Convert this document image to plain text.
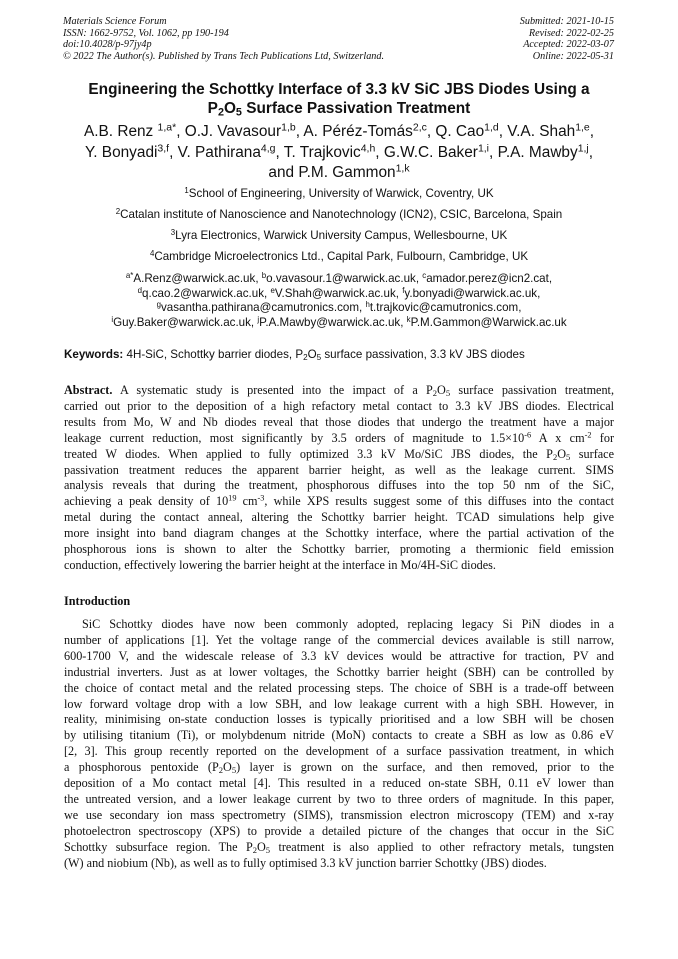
Materials Science Forum
ISSN: 1662-9752, Vol. 1062, pp 190-194
doi:10.4028/p-97jy4p
© 2022 The Author(s). Published by Trans Tech Publications Ltd, Switzerland.
Submitted: 2021-10-15
Revised: 2022-02-25
Accepted: 2022-03-07
Online: 2022-05-31
Engineering the Schottky Interface of 3.3 kV SiC JBS Diodes Using a
$P_2O_5$ Surface Passivation Treatment
A.B. Renz $^{1,a*}$, O.J. Vavasour$^{1,b}$, A. Péréz-Tomás$^{2,c}$, Q. Cao$^{1,d}$, V.A. Shah$^{1,e}$,
Y. Bonyadi$^{3,f}$, V. Pathirana$^{4,g}$, T. Trajkovic$^{4,h}$, G.W.C. Baker$^{1,i}$, P.A. Mawby$^{1,j}$,
and P.M. Gammon$^{1,k}$
$^1$School of Engineering, University of Warwick, Coventry, UK
$^2$Catalan institute of Nanoscience and Nanotechnology (ICN2), CSIC, Barcelona, Spain
$^3$Lyra Electronics, Warwick University Campus, Wellesbourne, UK
$^4$Cambridge Microelectronics Ltd., Capital Park, Fulbourn, Cambridge, UK
$^{a*}$A.Renz@warwick.ac.uk, $^b$o.vavasour.1@warwick.ac.uk, $^c$amador.perez@icn2.cat,
$^d$q.cao.2@warwick.ac.uk, $^e$V.Shah@warwick.ac.uk, $^f$y.bonyadi@warwick.ac.uk,
$^g$vasantha.pathirana@camutronics.com, $^h$t.trajkovic@camutronics.com,
$^i$Guy.Baker@warwick.ac.uk, $^j$P.A.Mawby@warwick.ac.uk, $^k$P.M.Gammon@Warwick.ac.uk
Keywords: 4H-SiC, Schottky barrier diodes, $P_2O_5$ surface passivation, 3.3 kV JBS diodes
Abstract. A systematic study is presented into the impact of a $P_2O_5$ surface passivation treatment,
carried out prior to the deposition of a high refactory metal contact to 3.3 kV JBS diodes. Electrical
results from Mo, W and Nb diodes reveal that those diodes that undergo the treatment have a major
leakage current reduction, most significantly by 3.5 orders of magnitude to $1.5\times 10^{-6}$ A x $cm^{-2}$ for
treated W diodes. When applied to fully optimized 3.3 kV Mo/SiC JBS diodes, the $P_2O_5$ surface
passivation treatment reduces the apparent barrier height, as well as the leakage current. SIMS
analysis reveals that during the treatment, phosphorous diffuses into the top 50 nm of the SiC,
achieving a peak density of $10^{19}$ $cm^{-3}$, while XPS results suggest some of this diffuses into the contact
metal during the contact anneal, altering the Schottky barrier height. TCAD simulations help give
more insight into band diagram changes at the Schottky interface, where the partial activation of the
phosphorous ions is shown to alter the Schottky barrier, promoting a thermionic field emission
conduction, effectively lowering the barrier height at the interface in Mo/4H-SiC diodes.
Introduction
SiC Schottky diodes have now been commonly adopted, replacing legacy Si PiN diodes in a
number of applications [1]. Yet the voltage range of the commercial devices available is still narrow,
600-1700 V, and the widescale release of 3.3 kV devices would be attractive for traction, PV and
industrial inverters. Just as at lower voltages, the Schottky barrier height (SBH) can be controlled by
the choice of contact metal and the related processing steps. The choice of SBH is a trade-off between
low forward voltage drop with a low SBH, and low leakage current with a high SBH. However, in
reality, minimising on-state conduction losses is typically prioritised and a low SBH will be chosen
by utilising titanium (Ti), or molybdenum nitride (MoN) contacts to create a SBH as low as 0.86 eV
[2, 3]. This group recently reported on the development of a surface passivation treatment, in which
a phosphorous pentoxide $(P_2O_5)$ layer is grown on the surface, and then removed, prior to the
deposition of a Mo contact metal [4]. This resulted in a reduced on-state SBH, 0.11 eV lower than
the untreated version, and a lower leakage current by two to three orders of magnitude. In this paper,
we use secondary ion mass spectrometry (SIMS), transmission electron microscopy (TEM) and x-ray
photoelectron spectroscopy (XPS) to provide a detailed picture of the changes that occur in the SiC
Schottky subsurface region. The $P_2O_5$ treatment is also applied to other refractory metals, tungsten
(W) and niobium (Nb), as well as to fully optimised 3.3 kV junction barrier Schottky (JBS) diodes.
